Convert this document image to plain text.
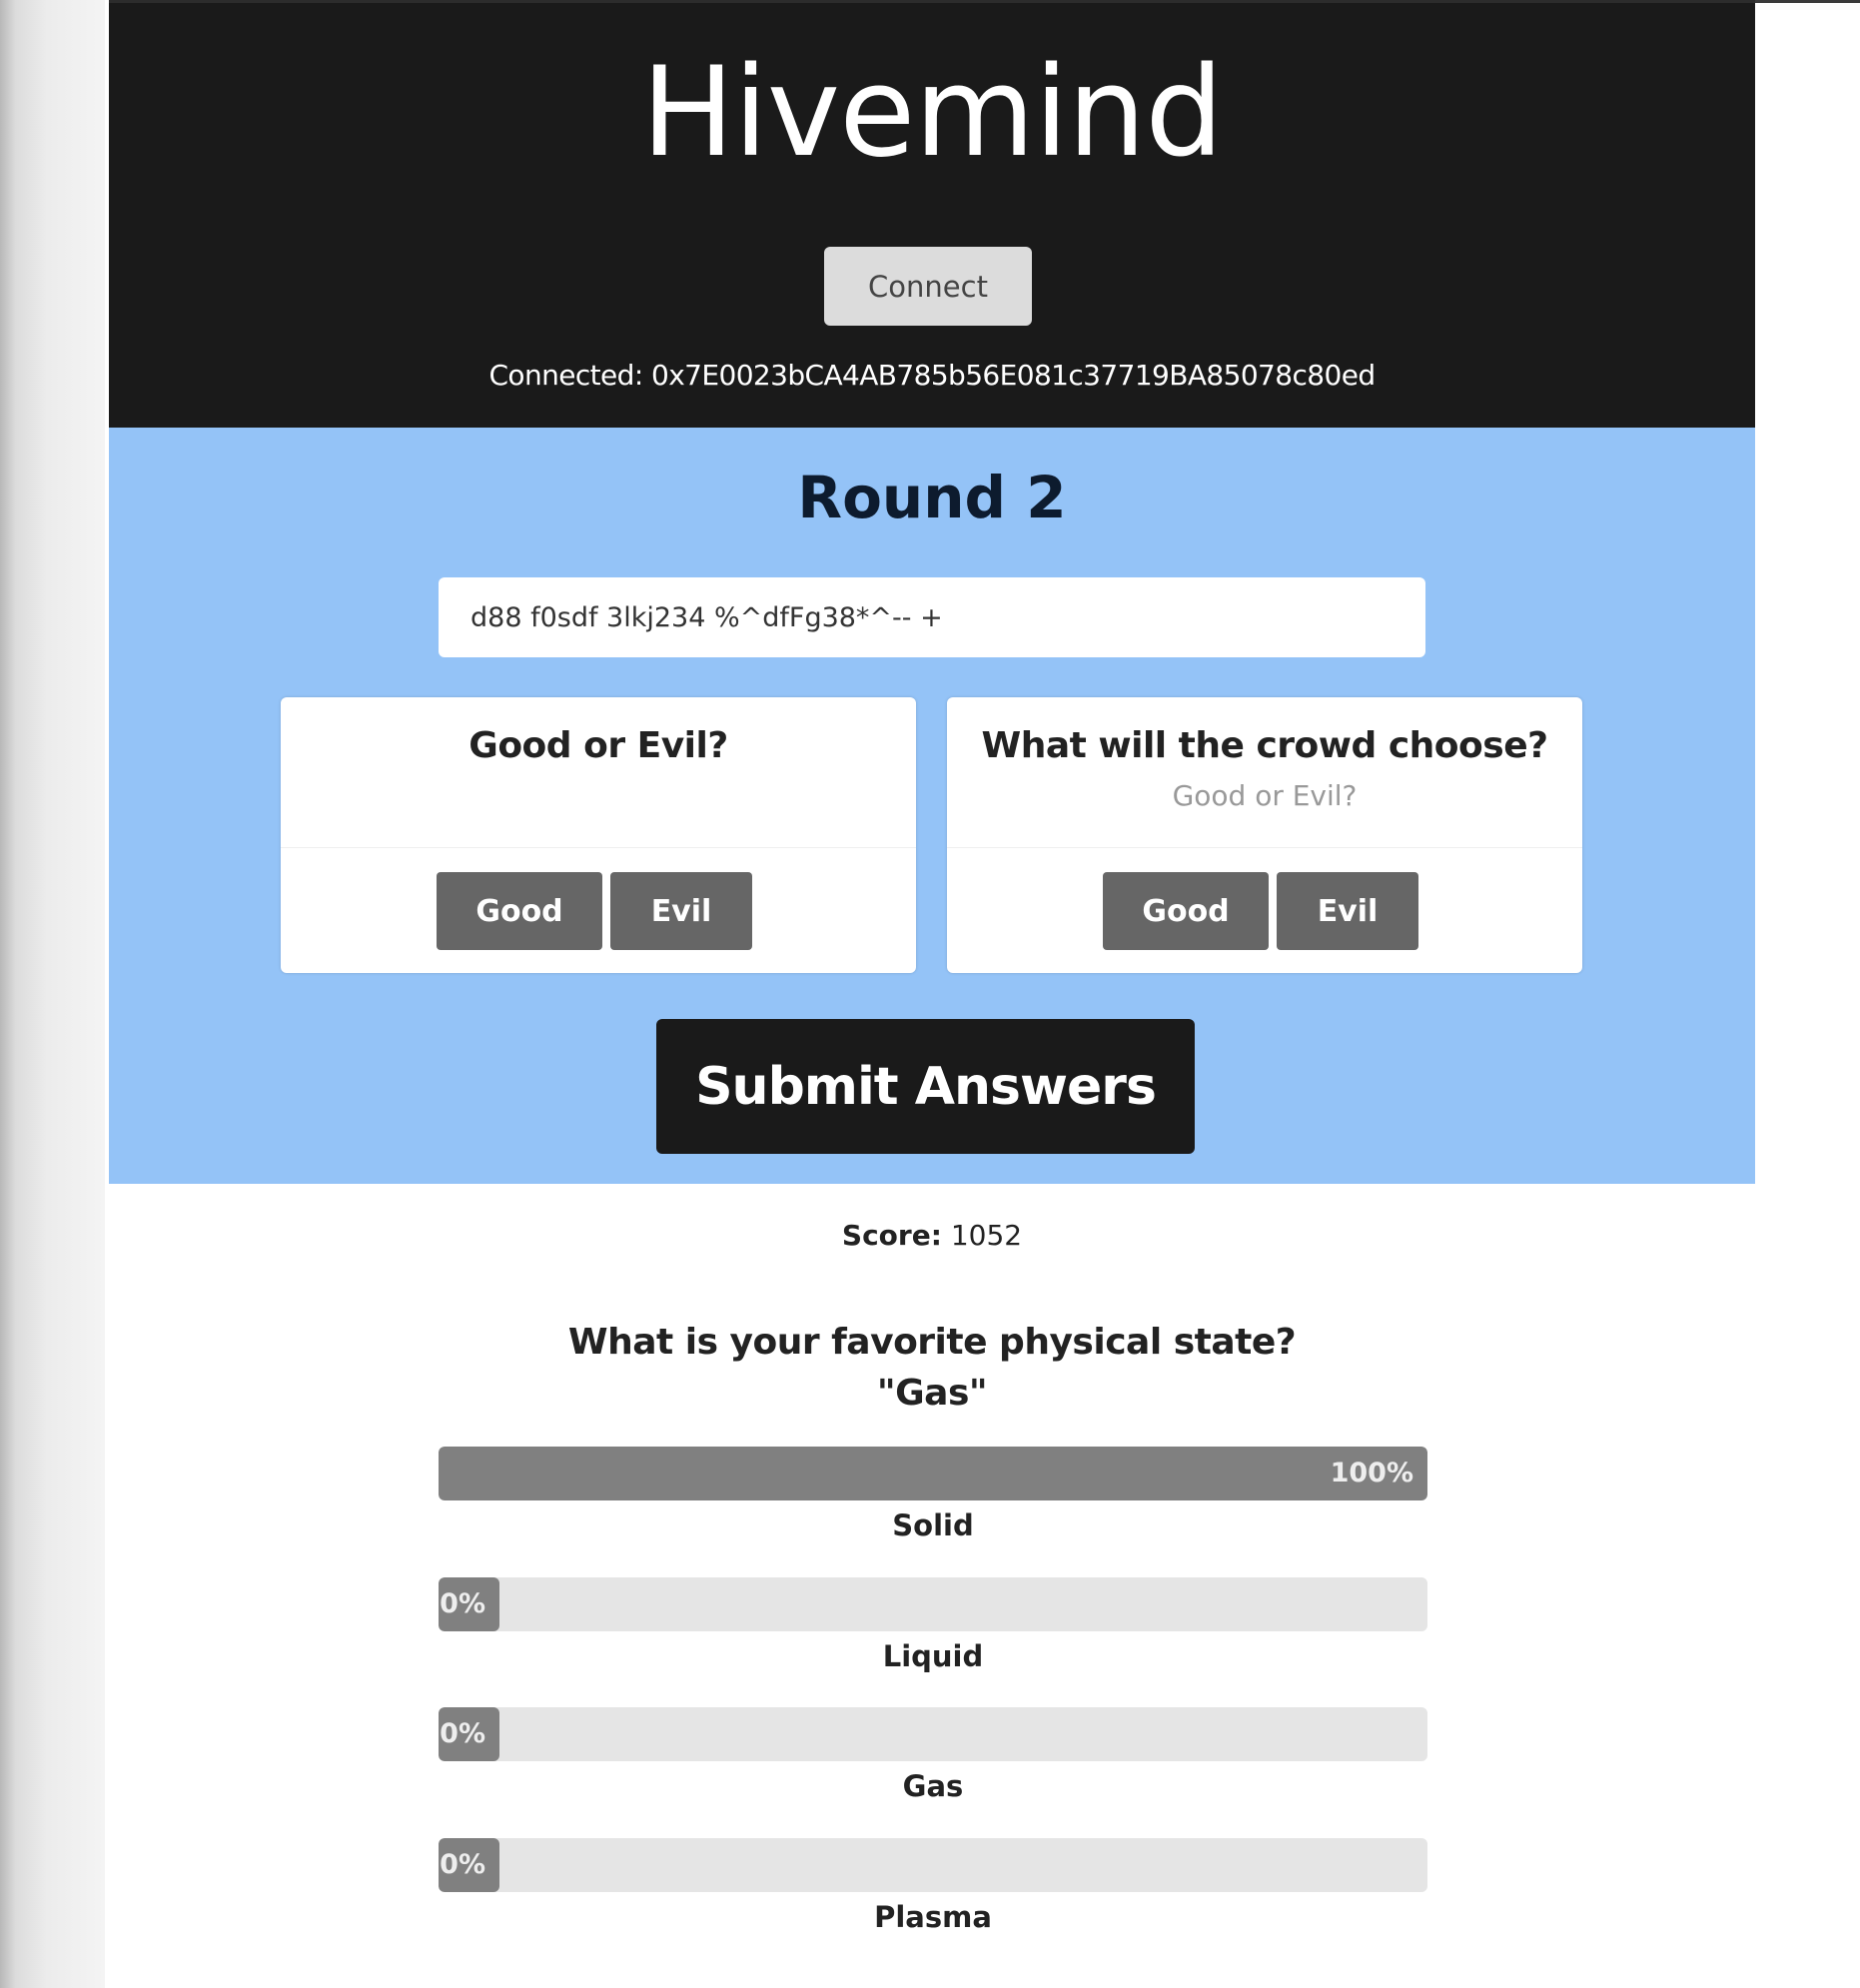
Hivemind
Connect
Connected: 0x7E0023bCA4AB785b56E081c37719BA85078c80ed
Round 2
d88 f0sdf 3lkj234 %^dfFg38*^-- +
Good or Evil?
Good	Evil
What will the crowd choose?
Good or Evil?
Good	Evil
Submit Answers
Score: 1052
What is your favorite physical state?
"Gas"
100%
Solid
0%
Liquid
0%
Gas
0%
Plasma
